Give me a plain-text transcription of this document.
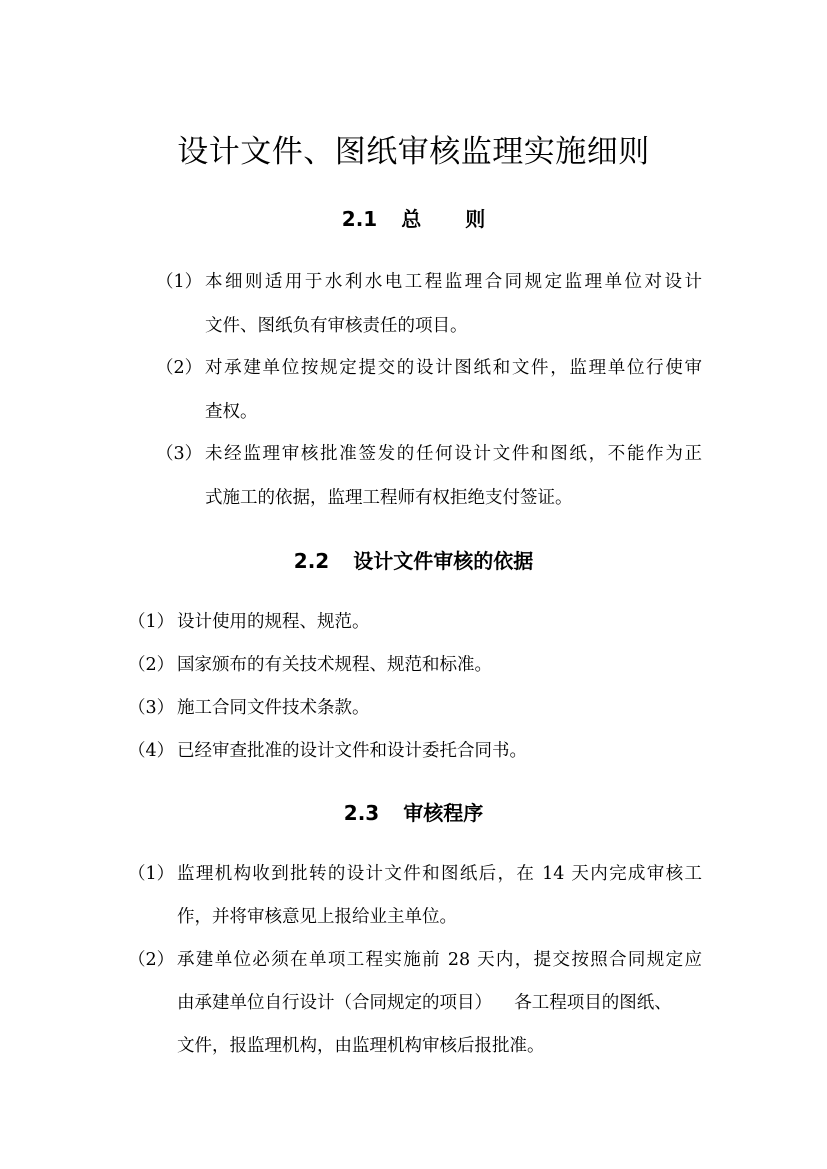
设计文件、图纸审核监理实施细则
2.1 总则
（1） 本细则适用于水利水电工程监理合同规定监理单位对设计
文件、图纸负有审核责任的项目。
（2） 对承建单位按规定提交的设计图纸和文件，监理单位行使审
查权。
（3） 未经监理审核批准签发的任何设计文件和图纸，不能作为正
式施工的依据，监理工程师有权拒绝支付签证。
2.2 设计文件审核的依据
（1） 设计使用的规程、规范。
（2） 国家颁布的有关技术规程、规范和标准。
（3） 施工合同文件技术条款。
（4） 已经审查批准的设计文件和设计委托合同书。
2.3 审核程序
（1） 监理机构收到批转的设计文件和图纸后，在 14 天内完成审核工
作，并将审核意见上报给业主单位。
（2） 承建单位必须在单项工程实施前 28 天内，提交按照合同规定应
由承建单位自行设计（合同规定的项目）    各工程项目的图纸、
文件，报监理机构，由监理机构审核后报批准。
